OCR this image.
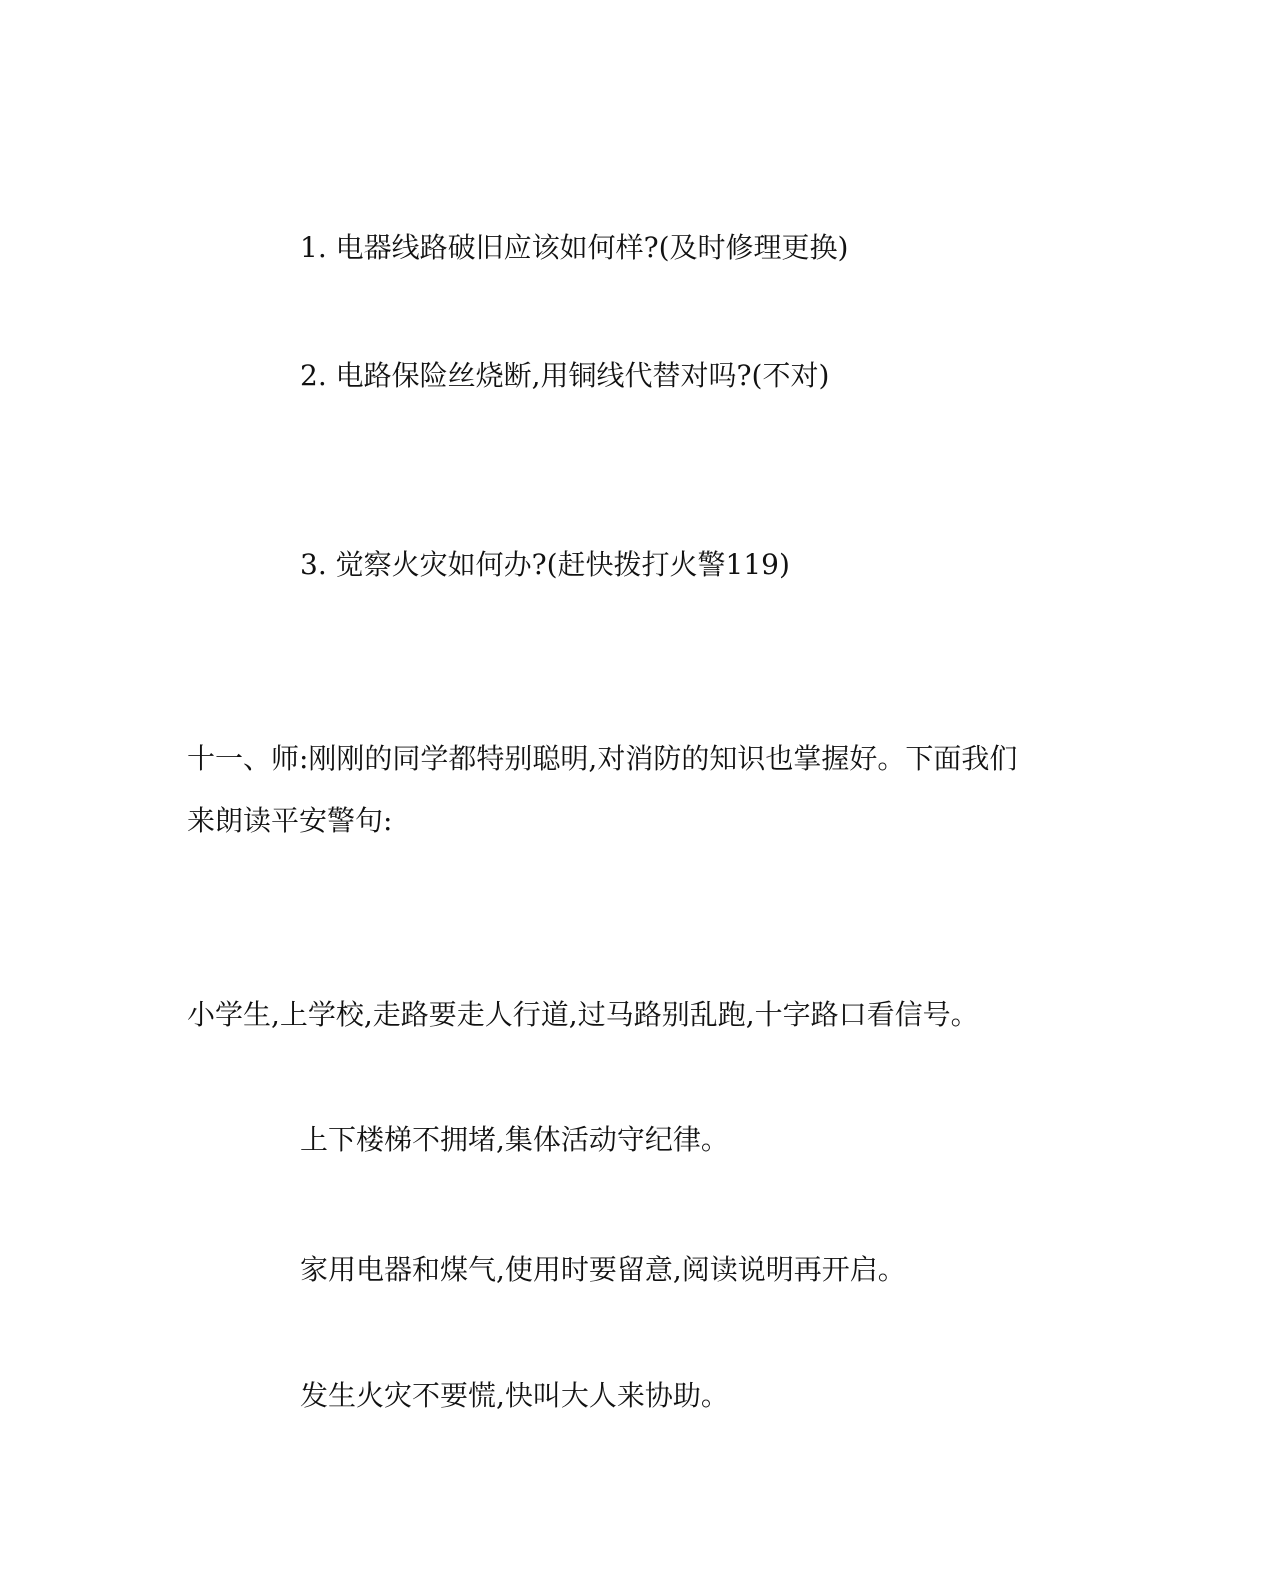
1. 电器线路破旧应该如何样?(及时修理更换)
2. 电路保险丝烧断,用铜线代替对吗?(不对)
3. 觉察火灾如何办?(赶快拨打火警119)
十一、师:刚刚的同学都特别聪明,对消防的知识也掌握好。下面我们
来朗读平安警句:
小学生,上学校,走路要走人行道,过马路别乱跑,十字路口看信号。
上下楼梯不拥堵,集体活动守纪律。
家用电器和煤气,使用时要留意,阅读说明再开启。
发生火灾不要慌,快叫大人来协助。
